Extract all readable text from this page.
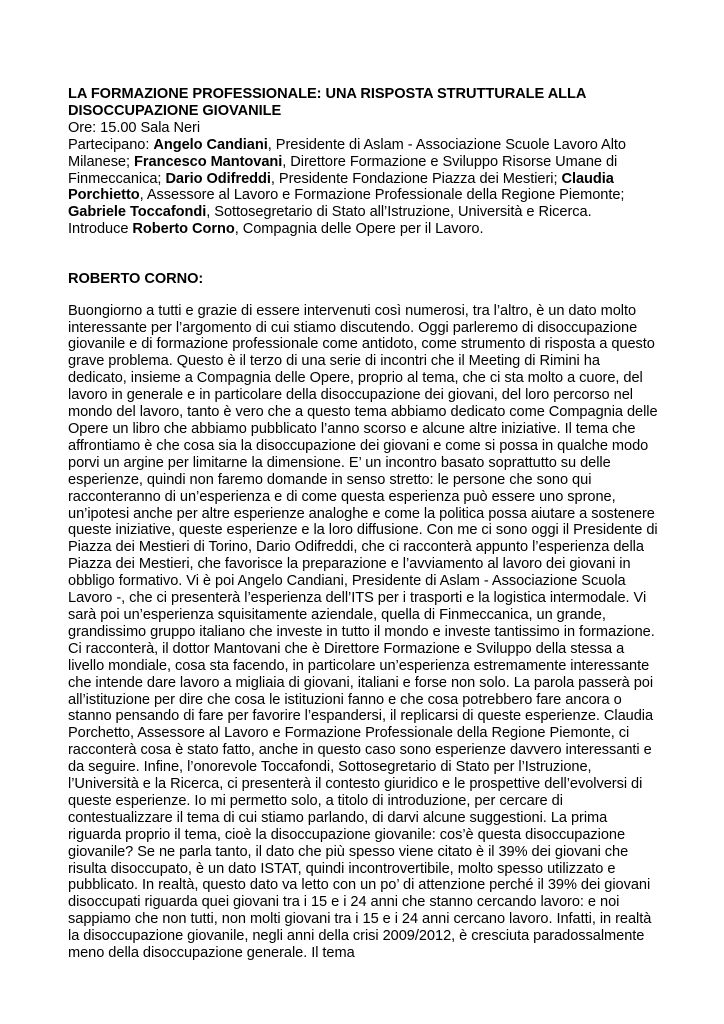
LA FORMAZIONE PROFESSIONALE: UNA RISPOSTA STRUTTURALE ALLA DISOCCUPAZIONE GIOVANILE

Ore: 15.00 Sala Neri

Partecipano: Angelo Candiani, Presidente di Aslam - Associazione Scuole Lavoro Alto Milanese; Francesco Mantovani, Direttore Formazione e Sviluppo Risorse Umane di Finmeccanica; Dario Odifreddi, Presidente Fondazione Piazza dei Mestieri; Claudia Porchietto, Assessore al Lavoro e Formazione Professionale della Regione Piemonte; Gabriele Toccafondi, Sottosegretario di Stato all’Istruzione, Università e Ricerca.

Introduce Roberto Corno, Compagnia delle Opere per il Lavoro.

ROBERTO CORNO:

Buongiorno a tutti e grazie di essere intervenuti così numerosi, tra l’altro, è un dato molto interessante per l’argomento di cui stiamo discutendo. Oggi parleremo di disoccupazione giovanile e di formazione professionale come antidoto, come strumento di risposta a questo grave problema. Questo è il terzo di una serie di incontri che il Meeting di Rimini ha dedicato, insieme a Compagnia delle Opere, proprio al tema, che ci sta molto a cuore, del lavoro in generale e in particolare della disoccupazione dei giovani, del loro percorso nel mondo del lavoro, tanto è vero che a questo tema abbiamo dedicato come Compagnia delle Opere un libro che abbiamo pubblicato l’anno scorso e alcune altre iniziative. Il tema che affrontiamo è che cosa sia la disoccupazione dei giovani e come si possa in qualche modo porvi un argine per limitarne la dimensione. E’ un incontro basato soprattutto su delle esperienze, quindi non faremo domande in senso stretto: le persone che sono qui racconteranno di un’esperienza e di come questa esperienza può essere uno sprone, un’ipotesi anche per altre esperienze analoghe e come la politica possa aiutare a sostenere queste iniziative, queste esperienze e la loro diffusione. Con me ci sono oggi il Presidente di Piazza dei Mestieri di Torino, Dario Odifreddi, che ci racconterà appunto l’esperienza della Piazza dei Mestieri, che favorisce la preparazione e l’avviamento al lavoro dei giovani in obbligo formativo. Vi è poi Angelo Candiani, Presidente di Aslam - Associazione Scuola Lavoro -, che ci presenterà l’esperienza dell’ITS per i trasporti e la logistica intermodale. Vi sarà poi un’esperienza squisitamente aziendale, quella di Finmeccanica, un grande, grandissimo gruppo italiano che investe in tutto il mondo e investe tantissimo in formazione. Ci racconterà, il dottor Mantovani che è Direttore Formazione e Sviluppo della stessa a livello mondiale, cosa sta facendo, in particolare un’esperienza estremamente interessante che intende dare lavoro a migliaia di giovani, italiani e forse non solo. La parola passerà poi all’istituzione per dire che cosa le istituzioni fanno e che cosa potrebbero fare ancora o stanno pensando di fare per favorire l’espandersi, il replicarsi di queste esperienze. Claudia Porchetto, Assessore al Lavoro e Formazione Professionale della Regione Piemonte, ci racconterà cosa è stato fatto, anche in questo caso sono esperienze davvero interessanti e da seguire. Infine, l’onorevole Toccafondi, Sottosegretario di Stato per l’Istruzione, l’Università e la Ricerca, ci presenterà il contesto giuridico e le prospettive dell’evolversi di queste esperienze. Io mi permetto solo, a titolo di introduzione, per cercare di contestualizzare il tema di cui stiamo parlando, di darvi alcune suggestioni. La prima riguarda proprio il tema, cioè la disoccupazione giovanile: cos’è questa disoccupazione giovanile? Se ne parla tanto, il dato che più spesso viene citato è il 39% dei giovani che risulta disoccupato, è un dato ISTAT, quindi incontrovertibile, molto spesso utilizzato e pubblicato. In realtà, questo dato va letto con un po’ di attenzione perché il 39% dei giovani disoccupati riguarda quei giovani tra i 15 e i 24 anni che stanno cercando lavoro: e noi sappiamo che non tutti, non molti giovani tra i 15 e i 24 anni cercano lavoro. Infatti, in realtà la disoccupazione giovanile, negli anni della crisi 2009/2012, è cresciuta paradossalmente meno della disoccupazione generale. Il tema
